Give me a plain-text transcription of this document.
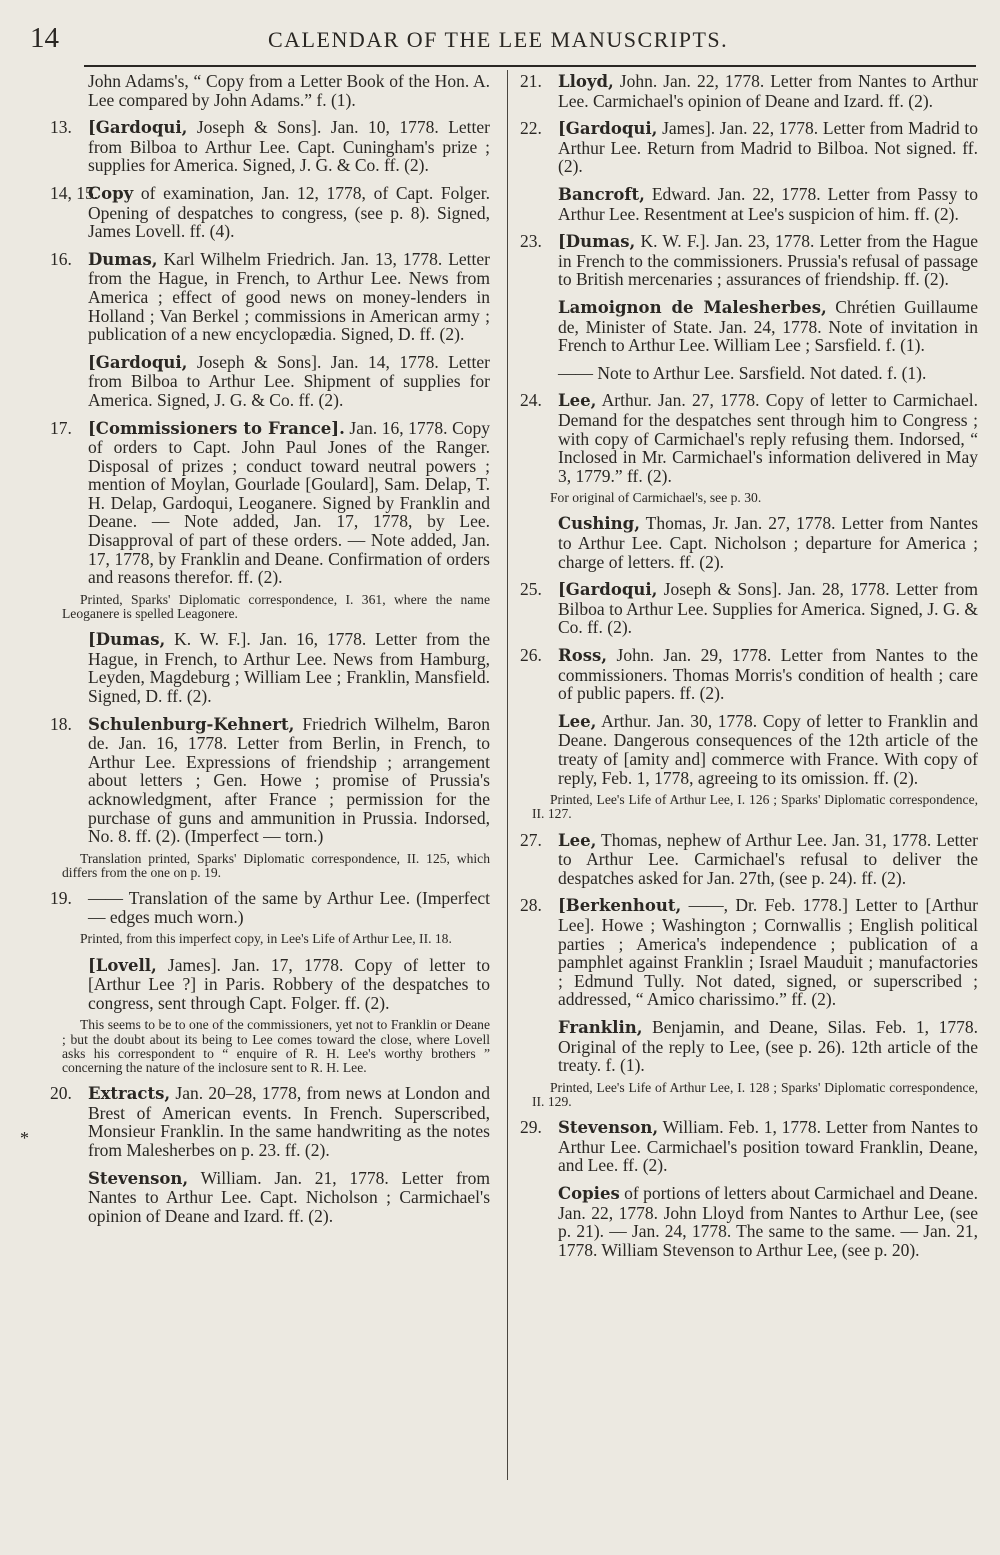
14	CALENDAR OF THE LEE MANUSCRIPTS.
*
John Adams's, “ Copy from a Letter Book of the Hon. A. Lee compared by John Adams.” f. (1).
13. [Gardoqui, Joseph & Sons]. Jan. 10, 1778. Letter from Bilboa to Arthur Lee. Capt. Cuningham's prize ; supplies for America. Signed, J. G. & Co. ff. (2).
14, 15.
Copy of examination, Jan. 12, 1778, of Capt. Folger. Opening of despatches to congress, (see p. 8). Signed, James Lovell. ff. (4).
16. Dumas, Karl Wilhelm Friedrich. Jan. 13, 1778. Letter from the Hague, in French, to Arthur Lee. News from America ; effect of good news on money-lenders in Holland ; Van Berkel ; commissions in American army ; publication of a new encyclopædia. Signed, D. ff. (2).
[Gardoqui, Joseph & Sons]. Jan. 14, 1778. Letter from Bilboa to Arthur Lee. Shipment of supplies for America. Signed, J. G. & Co. ff. (2).
17. [Commissioners to France]. Jan. 16, 1778. Copy of orders to Capt. John Paul Jones of the Ranger. Disposal of prizes ; conduct toward neutral powers ; mention of Moylan, Gourlade [Goulard], Sam. Delap, T. H. Delap, Gardoqui, Leoganere. Signed by Franklin and Deane. — Note added, Jan. 17, 1778, by Lee. Disapproval of part of these orders. — Note added, Jan. 17, 1778, by Franklin and Deane. Confirmation of orders and reasons therefor. ff. (2).
Printed, Sparks' Diplomatic correspondence, I. 361, where the name Leoganere is spelled Leagonere.
[Dumas, K. W. F.]. Jan. 16, 1778. Letter from the Hague, in French, to Arthur Lee. News from Hamburg, Leyden, Magdeburg ; William Lee ; Franklin, Mansfield. Signed, D. ff. (2).
18. Schulenburg-Kehnert, Friedrich Wilhelm, Baron de. Jan. 16, 1778. Letter from Berlin, in French, to Arthur Lee. Expressions of friendship ; arrangement about letters ; Gen. Howe ; promise of Prussia's acknowledgment, after France ; permission for the purchase of guns and ammunition in Prussia. Indorsed, No. 8. ff. (2). (Imperfect — torn.)
Translation printed, Sparks' Diplomatic correspondence, II. 125, which differs from the one on p. 19.
19. —— Translation of the same by Arthur Lee. (Imperfect — edges much worn.)
Printed, from this imperfect copy, in Lee's Life of Arthur Lee, II. 18.
[Lovell, James]. Jan. 17, 1778. Copy of letter to [Arthur Lee ?] in Paris. Robbery of the despatches to congress, sent through Capt. Folger. ff. (2).
This seems to be to one of the commissioners, yet not to Franklin or Deane ; but the doubt about its being to Lee comes toward the close, where Lovell asks his correspondent to “ enquire of R. H. Lee's worthy brothers ” concerning the nature of the inclosure sent to R. H. Lee.
20. Extracts, Jan. 20–28, 1778, from news at London and Brest of American events. In French. Superscribed, Monsieur Franklin. In the same handwriting as the notes from Malesherbes on p. 23. ff. (2).
Stevenson, William. Jan. 21, 1778. Letter from Nantes to Arthur Lee. Capt. Nicholson ; Carmichael's opinion of Deane and Izard. ff. (2).
21. Lloyd, John. Jan. 22, 1778. Letter from Nantes to Arthur Lee. Carmichael's opinion of Deane and Izard. ff. (2).
22. [Gardoqui, James]. Jan. 22, 1778. Letter from Madrid to Arthur Lee. Return from Madrid to Bilboa. Not signed. ff. (2).
Bancroft, Edward. Jan. 22, 1778. Letter from Passy to Arthur Lee. Resentment at Lee's suspicion of him. ff. (2).
23. [Dumas, K. W. F.]. Jan. 23, 1778. Letter from the Hague in French to the commissioners. Prussia's refusal of passage to British mercenaries ; assurances of friendship. ff. (2).
Lamoignon de Malesherbes, Chrétien Guillaume de, Minister of State. Jan. 24, 1778. Note of invitation in French to Arthur Lee. William Lee ; Sarsfield. f. (1).
—— Note to Arthur Lee. Sarsfield. Not dated. f. (1).
24. Lee, Arthur. Jan. 27, 1778. Copy of letter to Carmichael. Demand for the despatches sent through him to Congress ; with copy of Carmichael's reply refusing them. Indorsed, “ Inclosed in Mr. Carmichael's information delivered in May 3, 1779.” ff. (2).
For original of Carmichael's, see p. 30.
Cushing, Thomas, Jr. Jan. 27, 1778. Letter from Nantes to Arthur Lee. Capt. Nicholson ; departure for America ; charge of letters. ff. (2).
25. [Gardoqui, Joseph & Sons]. Jan. 28, 1778. Letter from Bilboa to Arthur Lee. Supplies for America. Signed, J. G. & Co. ff. (2).
26. Ross, John. Jan. 29, 1778. Letter from Nantes to the commissioners. Thomas Morris's condition of health ; care of public papers. ff. (2).
Lee, Arthur. Jan. 30, 1778. Copy of letter to Franklin and Deane. Dangerous consequences of the 12th article of the treaty of [amity and] commerce with France. With copy of reply, Feb. 1, 1778, agreeing to its omission. ff. (2).
Printed, Lee's Life of Arthur Lee, I. 126 ; Sparks' Diplomatic correspondence, II. 127.
27. Lee, Thomas, nephew of Arthur Lee. Jan. 31, 1778. Letter to Arthur Lee. Carmichael's refusal to deliver the despatches asked for Jan. 27th, (see p. 24). ff. (2).
28. [Berkenhout, ——, Dr. Feb. 1778.] Letter to [Arthur Lee]. Howe ; Washington ; Cornwallis ; English political parties ; America's independence ; publication of a pamphlet against Franklin ; Israel Mauduit ; manufactories ; Edmund Tully. Not dated, signed, or superscribed ; addressed, “ Amico charissimo.” ff. (2).
Franklin, Benjamin, and Deane, Silas. Feb. 1, 1778. Original of the reply to Lee, (see p. 26). 12th article of the treaty. f. (1).
Printed, Lee's Life of Arthur Lee, I. 128 ; Sparks' Diplomatic correspondence, II. 129.
29. Stevenson, William. Feb. 1, 1778. Letter from Nantes to Arthur Lee. Carmichael's position toward Franklin, Deane, and Lee. ff. (2).
Copies of portions of letters about Carmichael and Deane. Jan. 22, 1778. John Lloyd from Nantes to Arthur Lee, (see p. 21). — Jan. 24, 1778. The same to the same. — Jan. 21, 1778. William Stevenson to Arthur Lee, (see p. 20).
